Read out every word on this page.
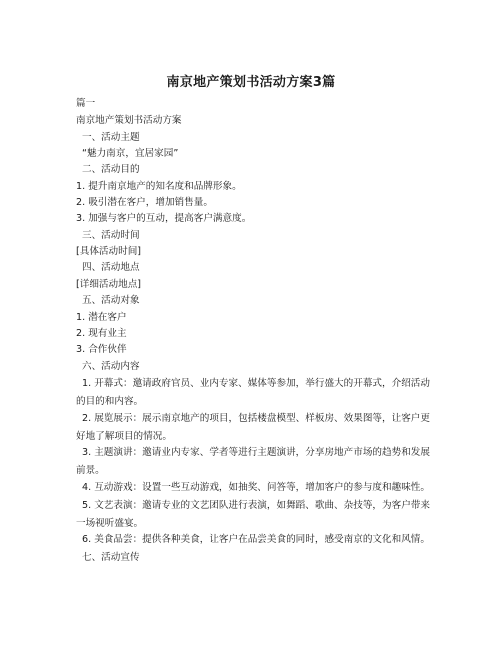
南京地产策划书活动方案3篇
篇一
南京地产策划书活动方案
一、活动主题
“魅力南京，宜居家园”
二、活动目的
1. 提升南京地产的知名度和品牌形象。
2. 吸引潜在客户，增加销售量。
3. 加强与客户的互动，提高客户满意度。
三、活动时间
[具体活动时间]
四、活动地点
[详细活动地点]
五、活动对象
1. 潜在客户
2. 现有业主
3. 合作伙伴
六、活动内容
1. 开幕式：邀请政府官员、业内专家、媒体等参加，举行盛大的开幕式，介绍活动的目的和内容。
2. 展览展示：展示南京地产的项目，包括楼盘模型、样板房、效果图等，让客户更好地了解项目的情况。
3. 主题演讲：邀请业内专家、学者等进行主题演讲，分享房地产市场的趋势和发展前景。
4. 互动游戏：设置一些互动游戏，如抽奖、问答等，增加客户的参与度和趣味性。
5. 文艺表演：邀请专业的文艺团队进行表演，如舞蹈、歌曲、杂技等，为客户带来一场视听盛宴。
6. 美食品尝：提供各种美食，让客户在品尝美食的同时，感受南京的文化和风情。
七、活动宣传
